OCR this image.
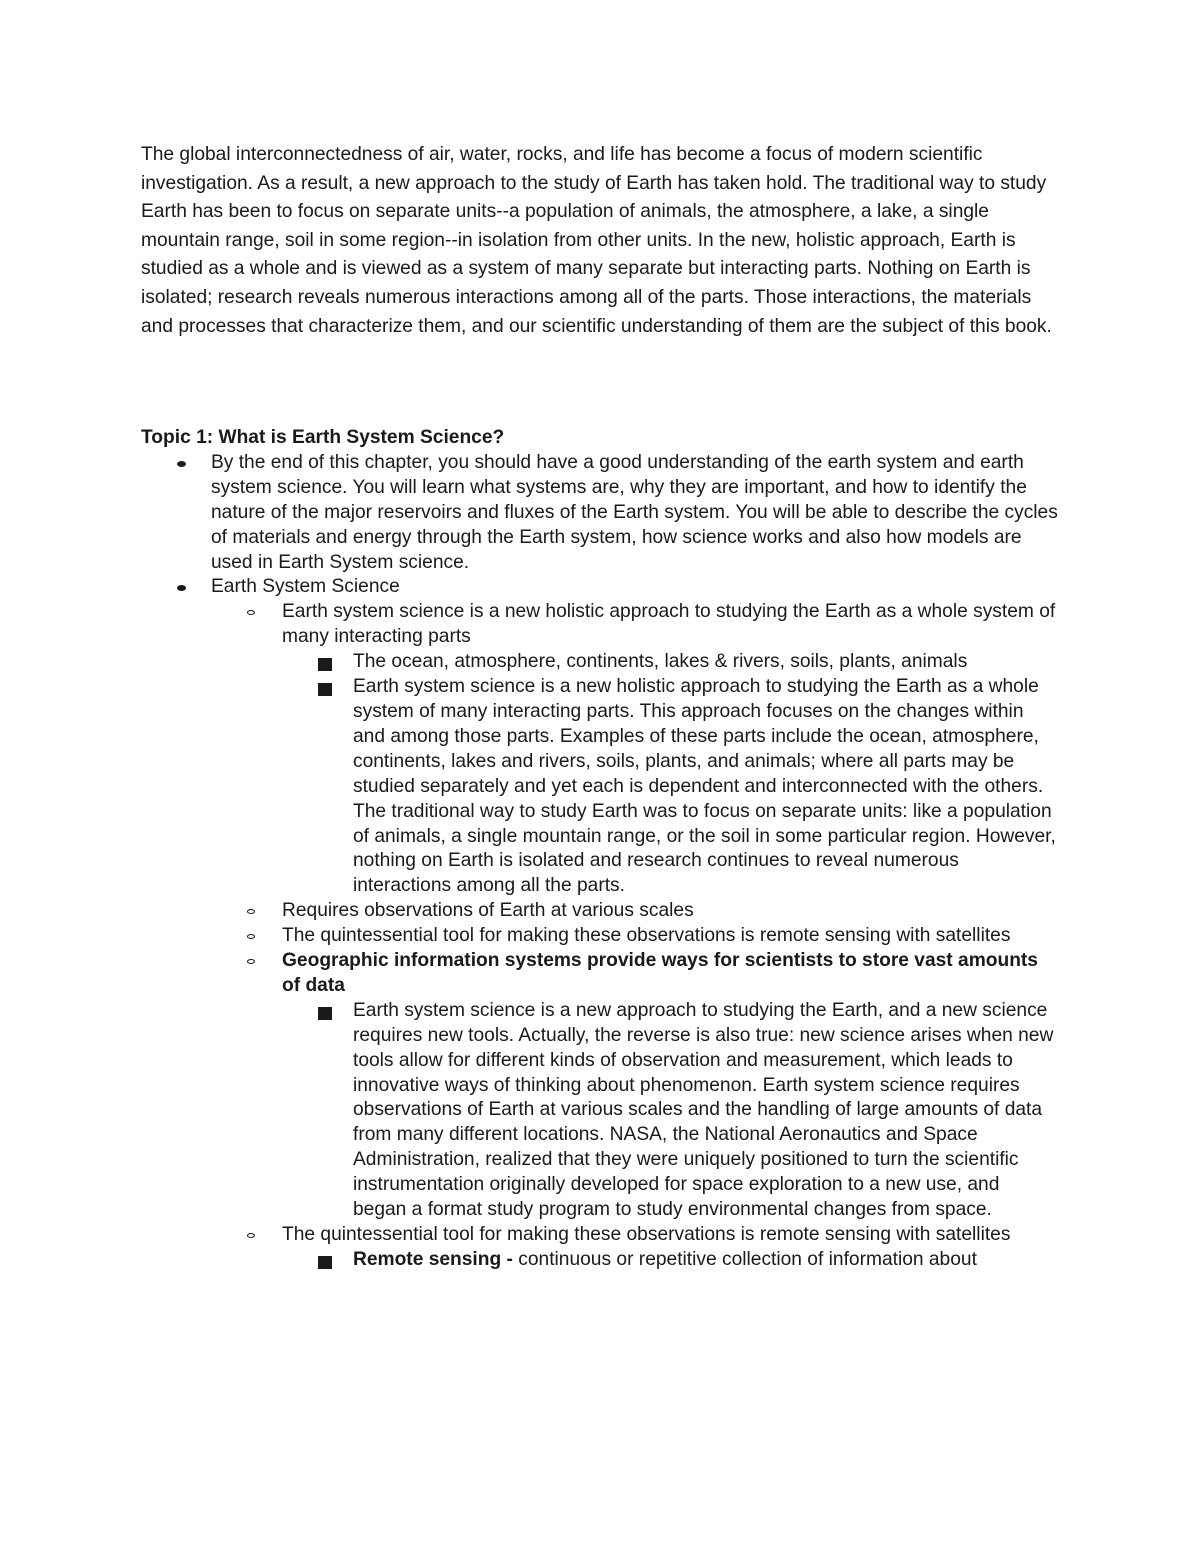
The global interconnectedness of air, water, rocks, and life has become a focus of modern scientific investigation. As a result, a new approach to the study of Earth has taken hold. The traditional way to study Earth has been to focus on separate units--a population of animals, the atmosphere, a lake, a single mountain range, soil in some region--in isolation from other units. In the new, holistic approach, Earth is studied as a whole and is viewed as a system of many separate but interacting parts. Nothing on Earth is isolated; research reveals numerous interactions among all of the parts. Those interactions, the materials and processes that characterize them, and our scientific understanding of them are the subject of this book.

Topic 1: What is Earth System Science?

By the end of this chapter, you should have a good understanding of the earth system and earth system science. You will learn what systems are, why they are important, and how to identify the nature of the major reservoirs and fluxes of the Earth system. You will be able to describe the cycles of materials and energy through the Earth system, how science works and also how models are used in Earth System science.
Earth System Science
Earth system science is a new holistic approach to studying the Earth as a whole system of many interacting parts
The ocean, atmosphere, continents, lakes & rivers, soils, plants, animals
Earth system science is a new holistic approach to studying the Earth as a whole system of many interacting parts. This approach focuses on the changes within and among those parts. Examples of these parts include the ocean, atmosphere, continents, lakes and rivers, soils, plants, and animals; where all parts may be studied separately and yet each is dependent and interconnected with the others. The traditional way to study Earth was to focus on separate units: like a population of animals, a single mountain range, or the soil in some particular region. However, nothing on Earth is isolated and research continues to reveal numerous interactions among all the parts.
Requires observations of Earth at various scales
The quintessential tool for making these observations is remote sensing with satellites
Geographic information systems provide ways for scientists to store vast amounts of data
Earth system science is a new approach to studying the Earth, and a new science requires new tools. Actually, the reverse is also true: new science arises when new tools allow for different kinds of observation and measurement, which leads to innovative ways of thinking about phenomenon. Earth system science requires observations of Earth at various scales and the handling of large amounts of data from many different locations. NASA, the National Aeronautics and Space Administration, realized that they were uniquely positioned to turn the scientific instrumentation originally developed for space exploration to a new use, and began a format study program to study environmental changes from space.
The quintessential tool for making these observations is remote sensing with satellites
Remote sensing - continuous or repetitive collection of information about
